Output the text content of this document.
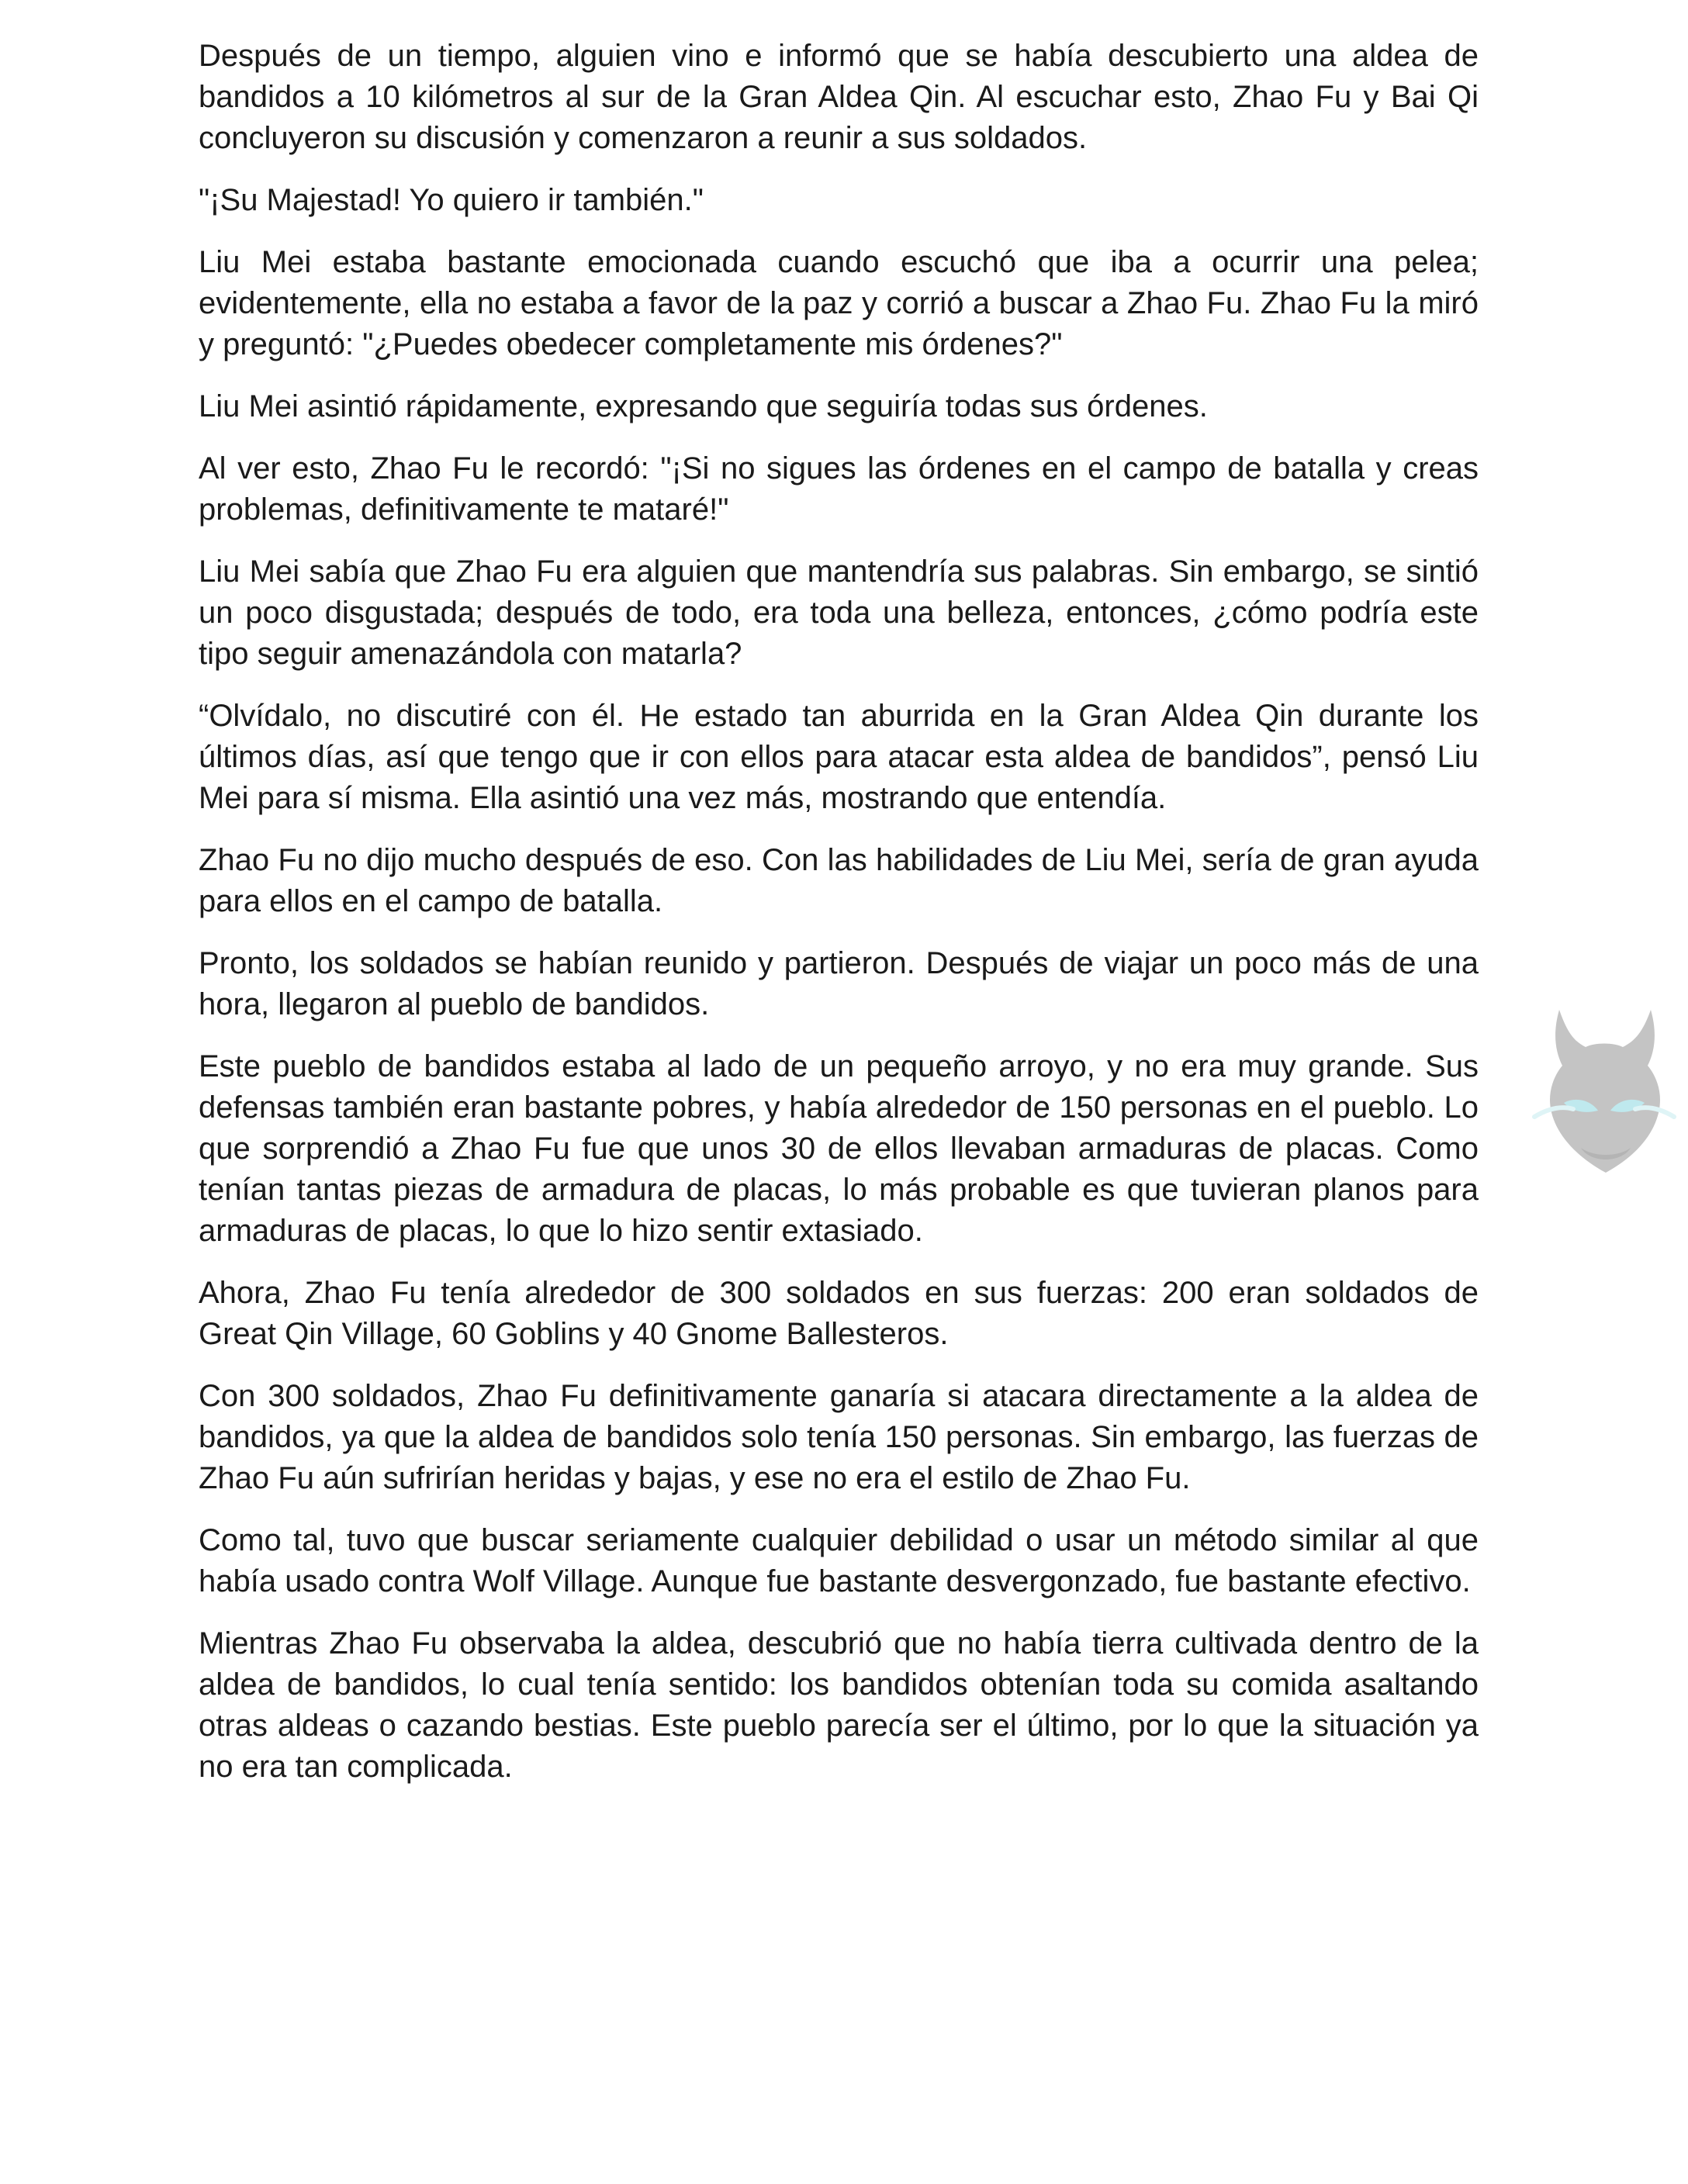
Después de un tiempo, alguien vino e informó que se había descubierto una aldea de bandidos a 10 kilómetros al sur de la Gran Aldea Qin. Al escuchar esto, Zhao Fu y Bai Qi concluyeron su discusión y comenzaron a reunir a sus soldados.

"¡Su Majestad! Yo quiero ir también."

Liu Mei estaba bastante emocionada cuando escuchó que iba a ocurrir una pelea; evidentemente, ella no estaba a favor de la paz y corrió a buscar a Zhao Fu. Zhao Fu la miró y preguntó: "¿Puedes obedecer completamente mis órdenes?"

Liu Mei asintió rápidamente, expresando que seguiría todas sus órdenes.

Al ver esto, Zhao Fu le recordó: "¡Si no sigues las órdenes en el campo de batalla y creas problemas, definitivamente te mataré!"

Liu Mei sabía que Zhao Fu era alguien que mantendría sus palabras. Sin embargo, se sintió un poco disgustada; después de todo, era toda una belleza, entonces, ¿cómo podría este tipo seguir amenazándola con matarla?

“Olvídalo, no discutiré con él. He estado tan aburrida en la Gran Aldea Qin durante los últimos días, así que tengo que ir con ellos para atacar esta aldea de bandidos”, pensó Liu Mei para sí misma. Ella asintió una vez más, mostrando que entendía.

Zhao Fu no dijo mucho después de eso. Con las habilidades de Liu Mei, sería de gran ayuda para ellos en el campo de batalla.

Pronto, los soldados se habían reunido y partieron. Después de viajar un poco más de una hora, llegaron al pueblo de bandidos.

Este pueblo de bandidos estaba al lado de un pequeño arroyo, y no era muy grande. Sus defensas también eran bastante pobres, y había alrededor de 150 personas en el pueblo. Lo que sorprendió a Zhao Fu fue que unos 30 de ellos llevaban armaduras de placas. Como tenían tantas piezas de armadura de placas, lo más probable es que tuvieran planos para armaduras de placas, lo que lo hizo sentir extasiado.

Ahora, Zhao Fu tenía alrededor de 300 soldados en sus fuerzas: 200 eran soldados de Great Qin Village, 60 Goblins y 40 Gnome Ballesteros.

Con 300 soldados, Zhao Fu definitivamente ganaría si atacara directamente a la aldea de bandidos, ya que la aldea de bandidos solo tenía 150 personas. Sin embargo, las fuerzas de Zhao Fu aún sufrirían heridas y bajas, y ese no era el estilo de Zhao Fu.

Como tal, tuvo que buscar seriamente cualquier debilidad o usar un método similar al que había usado contra Wolf Village. Aunque fue bastante desvergonzado, fue bastante efectivo.

Mientras Zhao Fu observaba la aldea, descubrió que no había tierra cultivada dentro de la aldea de bandidos, lo cual tenía sentido: los bandidos obtenían toda su comida asaltando otras aldeas o cazando bestias. Este pueblo parecía ser el último, por lo que la situación ya no era tan complicada.
